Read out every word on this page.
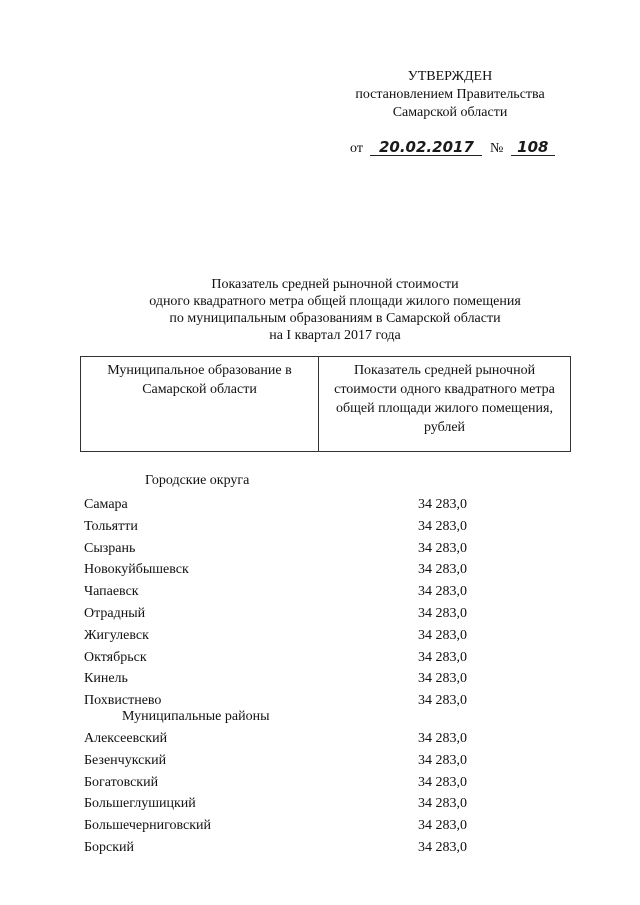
УТВЕРЖДЕН
постановлением Правительства
Самарской области
от 20.02.2017 № 108
Показатель средней рыночной стоимости
одного квадратного метра общей площади жилого помещения
по муниципальным образованиям в Самарской области
на I квартал 2017 года
Муниципальное образование в
Самарской области

Показатель средней рыночной
стоимости одного квадратного метра
общей площади жилого помещения,
рублей
Городские округа
Самара	34 283,0
Тольятти	34 283,0
Сызрань	34 283,0
Новокуйбышевск	34 283,0
Чапаевск	34 283,0
Отрадный	34 283,0
Жигулевск	34 283,0
Октябрьск	34 283,0
Кинель	34 283,0
Похвистнево	34 283,0
Муниципальные районы
Алексеевский	34 283,0
Безенчукский	34 283,0
Богатовский	34 283,0
Большеглушицкий	34 283,0
Большечерниговский	34 283,0
Борский	34 283,0
